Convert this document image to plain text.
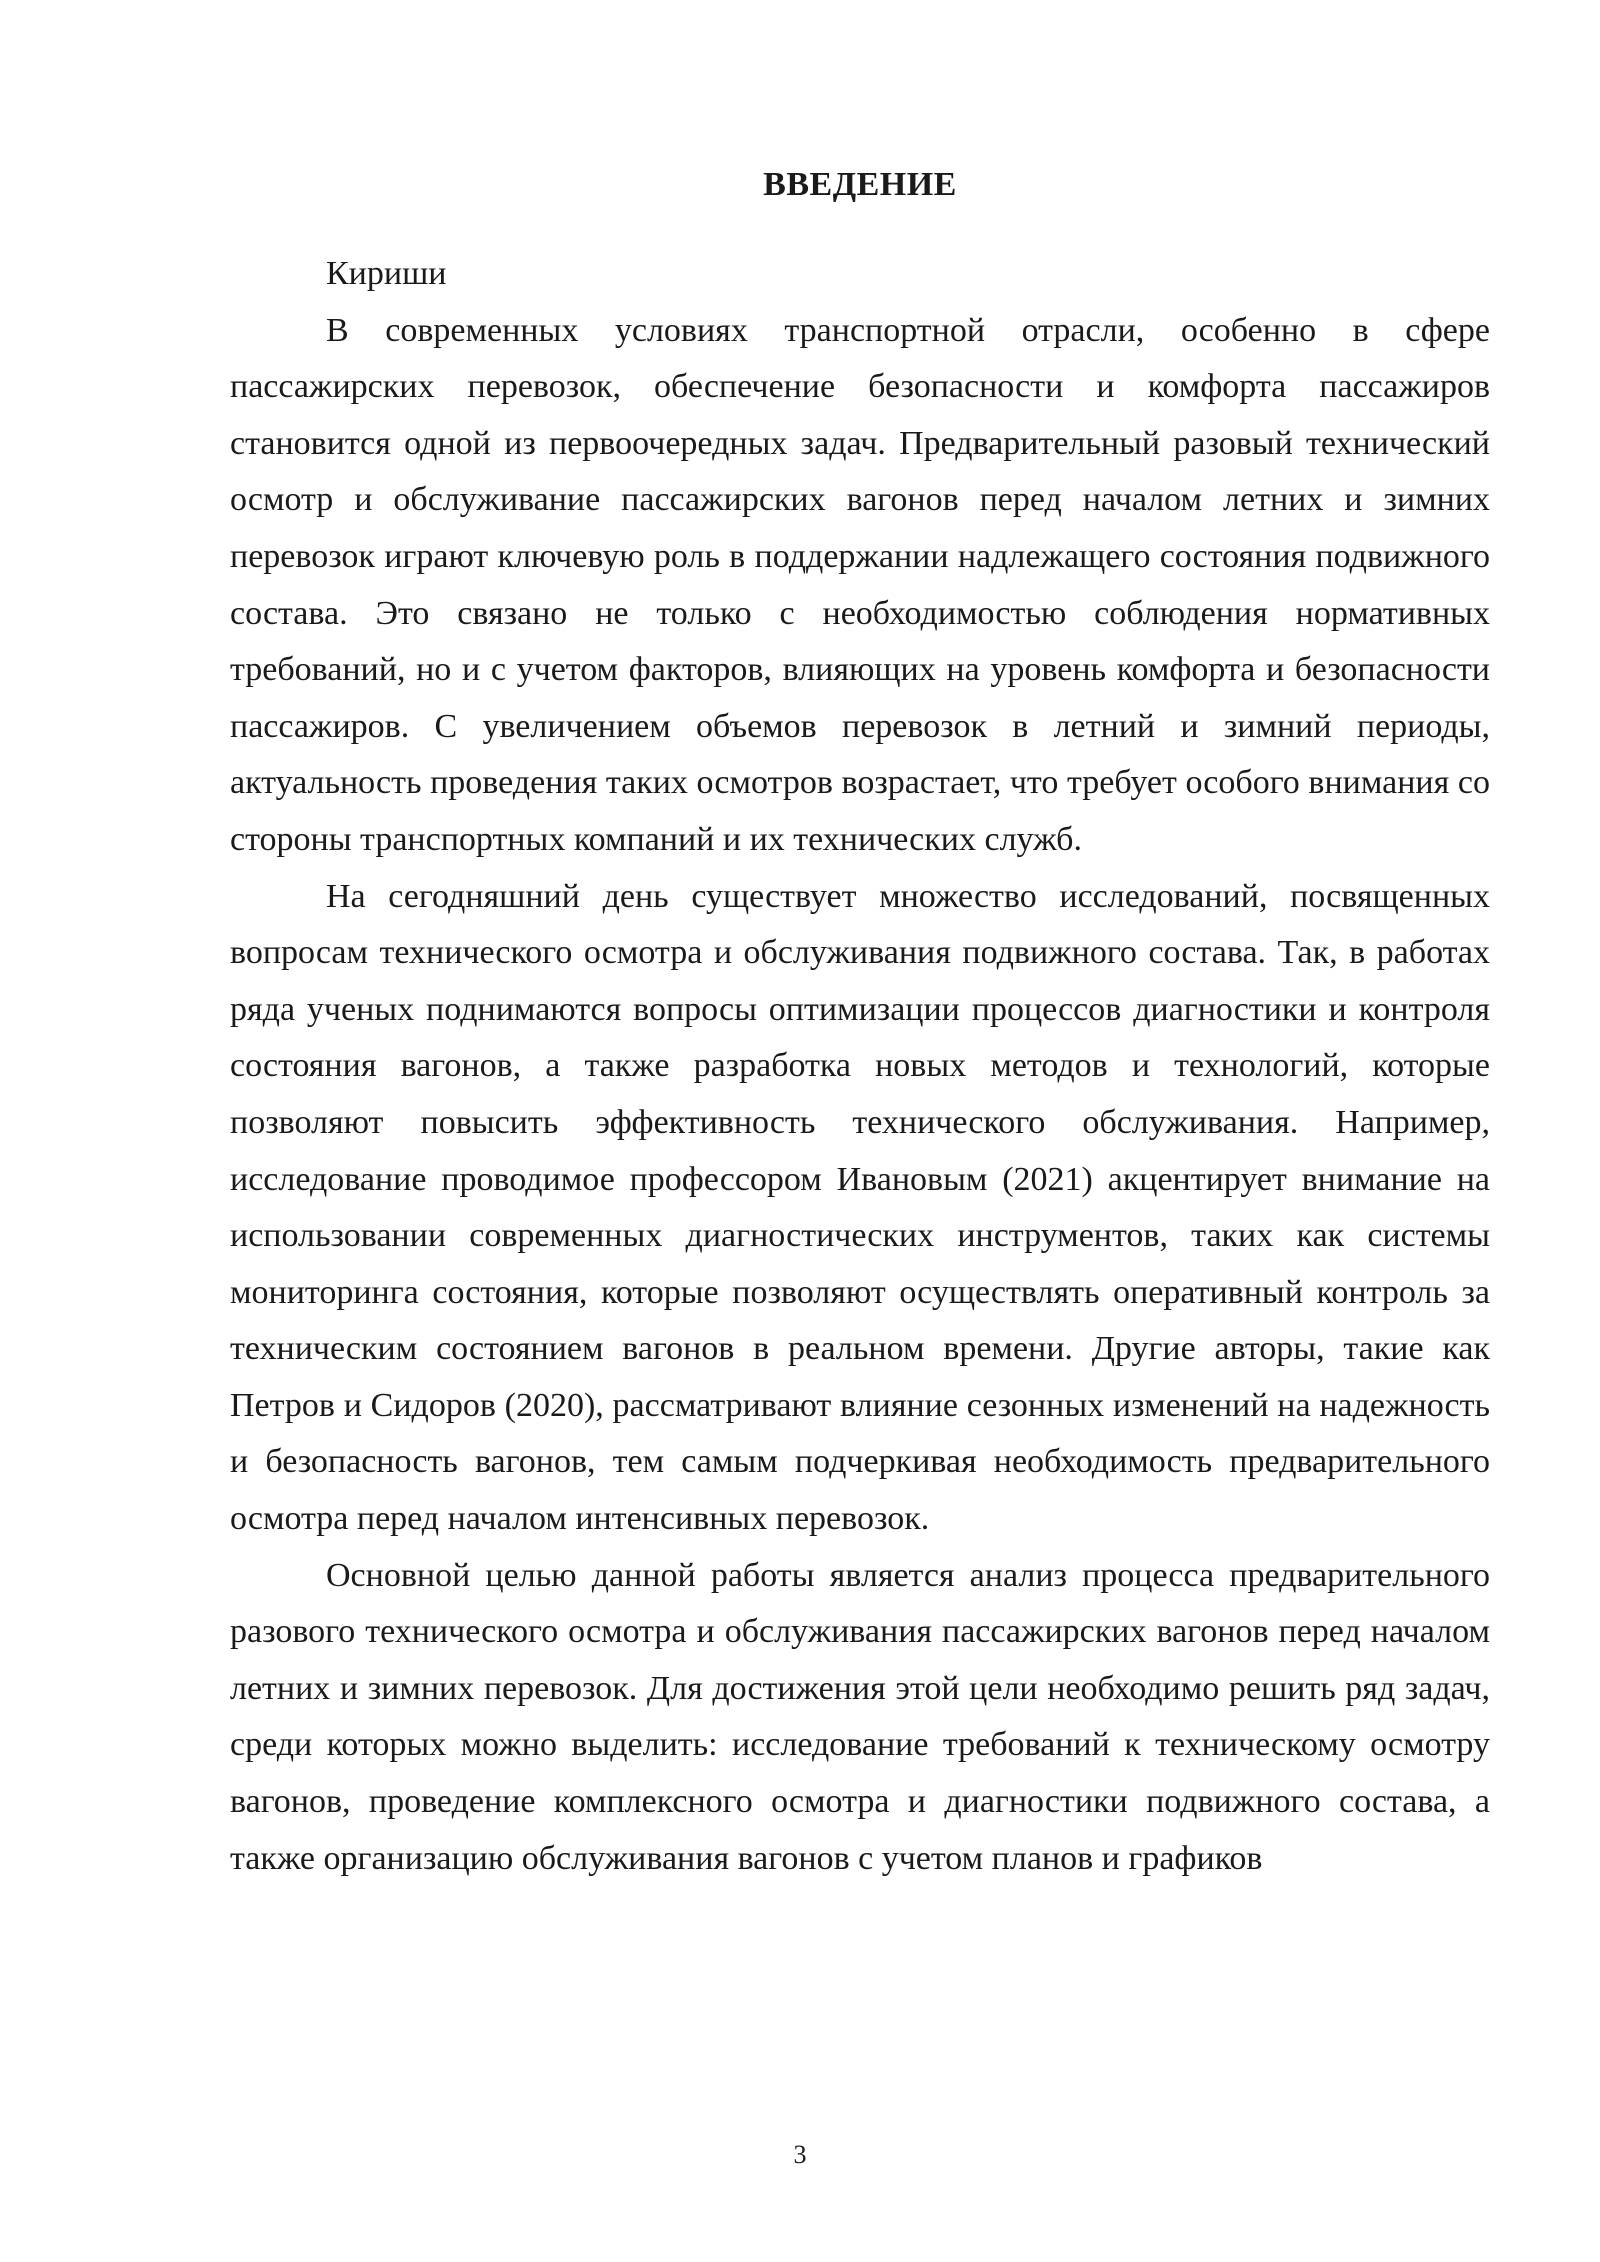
ВВЕДЕНИЕ

Кириши

В современных условиях транспортной отрасли, особенно в сфере пассажирских перевозок, обеспечение безопасности и комфорта пассажиров становится одной из первоочередных задач. Предварительный разовый технический осмотр и обслуживание пассажирских вагонов перед началом летних и зимних перевозок играют ключевую роль в поддержании надлежащего состояния подвижного состава. Это связано не только с необходимостью соблюдения нормативных требований, но и с учетом факторов, влияющих на уровень комфорта и безопасности пассажиров. С увеличением объемов перевозок в летний и зимний периоды, актуальность проведения таких осмотров возрастает, что требует особого внимания со стороны транспортных компаний и их технических служб.

На сегодняшний день существует множество исследований, посвященных вопросам технического осмотра и обслуживания подвижного состава. Так, в работах ряда ученых поднимаются вопросы оптимизации процессов диагностики и контроля состояния вагонов, а также разработка новых методов и технологий, которые позволяют повысить эффективность технического обслуживания. Например, исследование проводимое профессором Ивановым (2021) акцентирует внимание на использовании современных диагностических инструментов, таких как системы мониторинга состояния, которые позволяют осуществлять оперативный контроль за техническим состоянием вагонов в реальном времени. Другие авторы, такие как Петров и Сидоров (2020), рассматривают влияние сезонных изменений на надежность и безопасность вагонов, тем самым подчеркивая необходимость предварительного осмотра перед началом интенсивных перевозок.

Основной целью данной работы является анализ процесса предварительного разового технического осмотра и обслуживания пассажирских вагонов перед началом летних и зимних перевозок. Для достижения этой цели необходимо решить ряд задач, среди которых можно выделить: исследование требований к техническому осмотру вагонов, проведение комплексного осмотра и диагностики подвижного состава, а также организацию обслуживания вагонов с учетом планов и графиков

3
